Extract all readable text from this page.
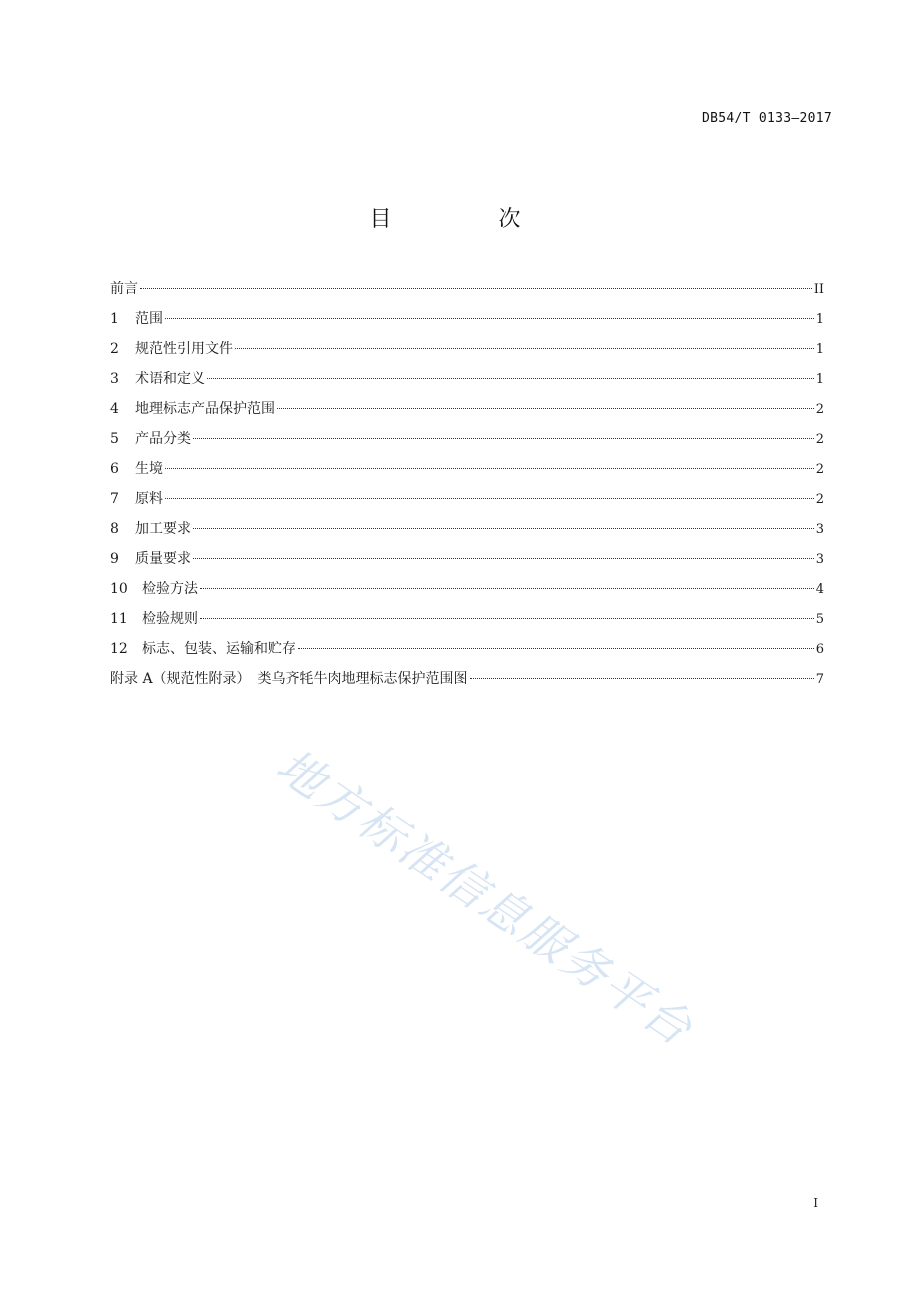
DB54/T 0133—2017
目 次
前言	II
1	范围	1
2	规范性引用文件	1
3	术语和定义	1
4	地理标志产品保护范围	2
5	产品分类	2
6	生境	2
7	原料	2
8	加工要求	3
9	质量要求	3
10	检验方法	4
11	检验规则	5
12	标志、包装、运输和贮存	6
附录 A（规范性附录）　类乌齐牦牛肉地理标志保护范围图	7
地方标准信息服务平台
I
